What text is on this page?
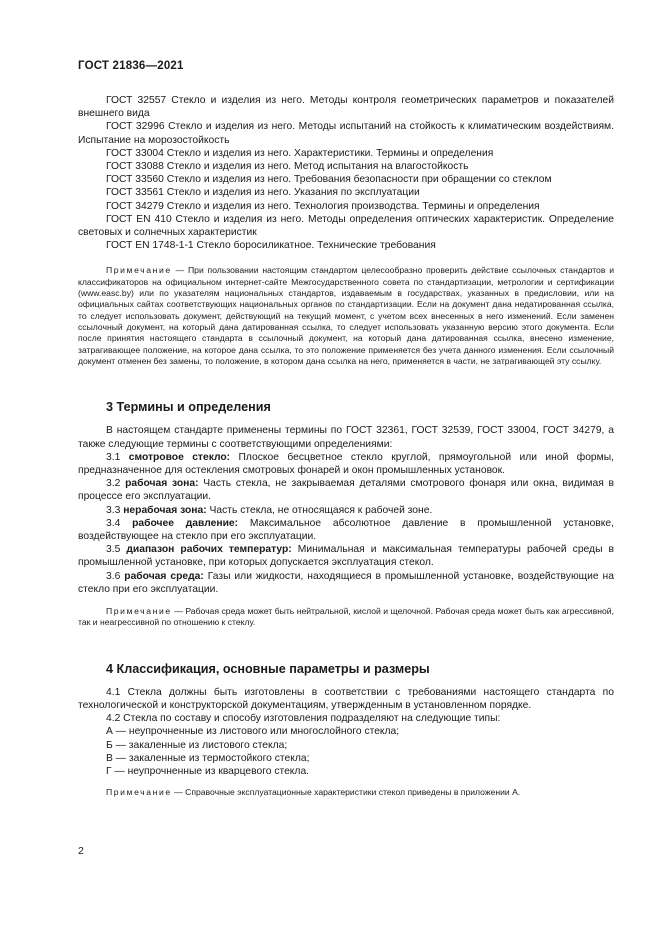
ГОСТ 21836—2021

ГОСТ 32557 Стекло и изделия из него. Методы контроля геометрических параметров и показателей внешнего вида

ГОСТ 32996 Стекло и изделия из него. Методы испытаний на стойкость к климатическим воздействиям. Испытание на морозостойкость

ГОСТ 33004 Стекло и изделия из него. Характеристики. Термины и определения

ГОСТ 33088 Стекло и изделия из него. Метод испытания на влагостойкость

ГОСТ 33560 Стекло и изделия из него. Требования безопасности при обращении со стеклом

ГОСТ 33561 Стекло и изделия из него. Указания по эксплуатации

ГОСТ 34279 Стекло и изделия из него. Технология производства. Термины и определения

ГОСТ EN 410 Стекло и изделия из него. Методы определения оптических характеристик. Определение световых и солнечных характеристик

ГОСТ EN 1748-1-1 Стекло боросиликатное. Технические требования

Примечание — При пользовании настоящим стандартом целесообразно проверить действие ссылочных стандартов и классификаторов на официальном интернет-сайте Межгосударственного совета по стандартизации, метрологии и сертификации (www.easc.by) или по указателям национальных стандартов, издаваемым в государствах, указанных в предисловии, или на официальных сайтах соответствующих национальных органов по стандартизации. Если на документ дана недатированная ссылка, то следует использовать документ, действующий на текущий момент, с учетом всех внесенных в него изменений. Если заменен ссылочный документ, на который дана датированная ссылка, то следует использовать указанную версию этого документа. Если после принятия настоящего стандарта в ссылочный документ, на который дана датированная ссылка, внесено изменение, затрагивающее положение, на которое дана ссылка, то это положение применяется без учета данного изменения. Если ссылочный документ отменен без замены, то положение, в котором дана ссылка на него, применяется в части, не затрагивающей эту ссылку.

3 Термины и определения

В настоящем стандарте применены термины по ГОСТ 32361, ГОСТ 32539, ГОСТ 33004, ГОСТ 34279, а также следующие термины с соответствующими определениями:

3.1 смотровое стекло: Плоское бесцветное стекло круглой, прямоугольной или иной формы, предназначенное для остекления смотровых фонарей и окон промышленных установок.

3.2 рабочая зона: Часть стекла, не закрываемая деталями смотрового фонаря или окна, видимая в процессе его эксплуатации.

3.3 нерабочая зона: Часть стекла, не относящаяся к рабочей зоне.

3.4 рабочее давление: Максимальное абсолютное давление в промышленной установке, воздействующее на стекло при его эксплуатации.

3.5 диапазон рабочих температур: Минимальная и максимальная температуры рабочей среды в промышленной установке, при которых допускается эксплуатация стекол.

3.6 рабочая среда: Газы или жидкости, находящиеся в промышленной установке, воздействующие на стекло при его эксплуатации.

Примечание — Рабочая среда может быть нейтральной, кислой и щелочной. Рабочая среда может быть как агрессивной, так и неагрессивной по отношению к стеклу.

4 Классификация, основные параметры и размеры

4.1 Стекла должны быть изготовлены в соответствии с требованиями настоящего стандарта по технологической и конструкторской документациям, утвержденным в установленном порядке.

4.2 Стекла по составу и способу изготовления подразделяют на следующие типы:

А — неупрочненные из листового или многослойного стекла;

Б — закаленные из листового стекла;

В — закаленные из термостойкого стекла;

Г — неупрочненные из кварцевого стекла.

Примечание — Справочные эксплуатационные характеристики стекол приведены в приложении А.

2
